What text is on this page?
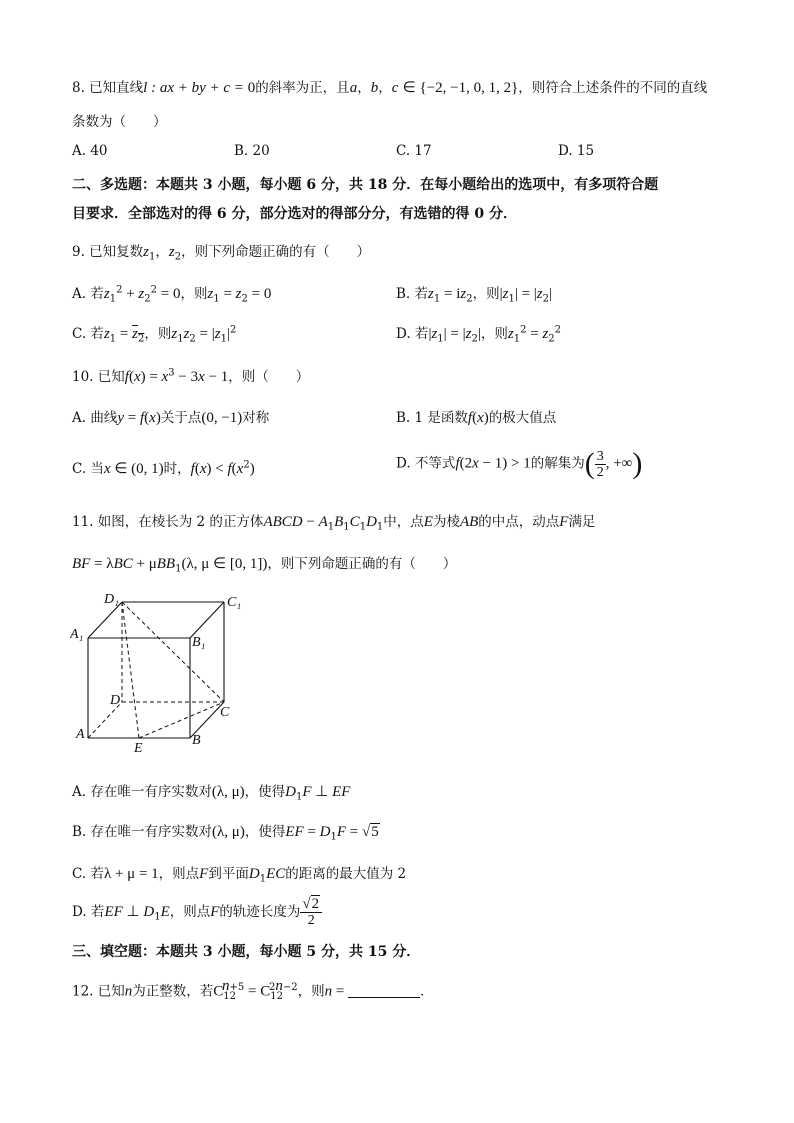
8. 已知直线l : ax + by + c = 0的斜率为正，且a，b，c ∈ {−2, −1, 0, 1, 2}，则符合上述条件的不同的直线
条数为（　　）
A. 40	B. 20	C. 17	D. 15
二、多选题：本题共 3 小题，每小题 6 分，共 18 分．在每小题给出的选项中，有多项符合题
目要求．全部选对的得 6 分，部分选对的得部分分，有选错的得 0 分．
9. 已知复数$z_1$，$z_2$，则下列命题正确的有（　　）
A. 若$z_1^2 + z_2^2 = 0$，则$z_1 = z_2 = 0$	B. 若$z_1 = iz_2$，则$|z_1| = |z_2|$
C. 若$z_1 = \overline{z}_2$，则$z_1z_2 = |z_1|^2$	D. 若$|z_1| = |z_2|$，则$z_1^2 = z_2^2$
10. 已知$f(x) = x^3 - 3x - 1$，则（　　）
A. 曲线y = f(x)关于点(0, −1)对称	B. 1 是函数f(x)的极大值点
C. 当x ∈ (0, 1)时，$f(x) < f(x^2)$	D. 不等式f(2x − 1) > 1的解集为( $\frac{3}{2}$ , +∞)
11. 如图，在棱长为 2 的正方体ABCD − $A_1B_1C_1D_1$中，点E为棱AB的中点，动点F满足
BF = λBC + μBB$_1$(λ, μ ∈ [0, 1])，则下列命题正确的有（　　）
D₁	C₁
A₁
B₁
D
C
A	B
E
A. 存在唯一有序实数对(λ, μ)，使得$D_1F$ ⊥ EF
B. 存在唯一有序实数对(λ, μ)，使得EF = $D_1F = √5$
C. 若λ + μ = 1，则点F到平面$D_1EC$的距离的最大值为 2
D. 若EF ⊥ $D_1E$，则点F的轨迹长度为 $\frac{√2}{2}$
三、填空题：本题共 3 小题，每小题 5 分，共 15 分．
12. 已知n为正整数，若$C_{12}^{n+5} = C_{12}^{2n-2}$，则n =	．
